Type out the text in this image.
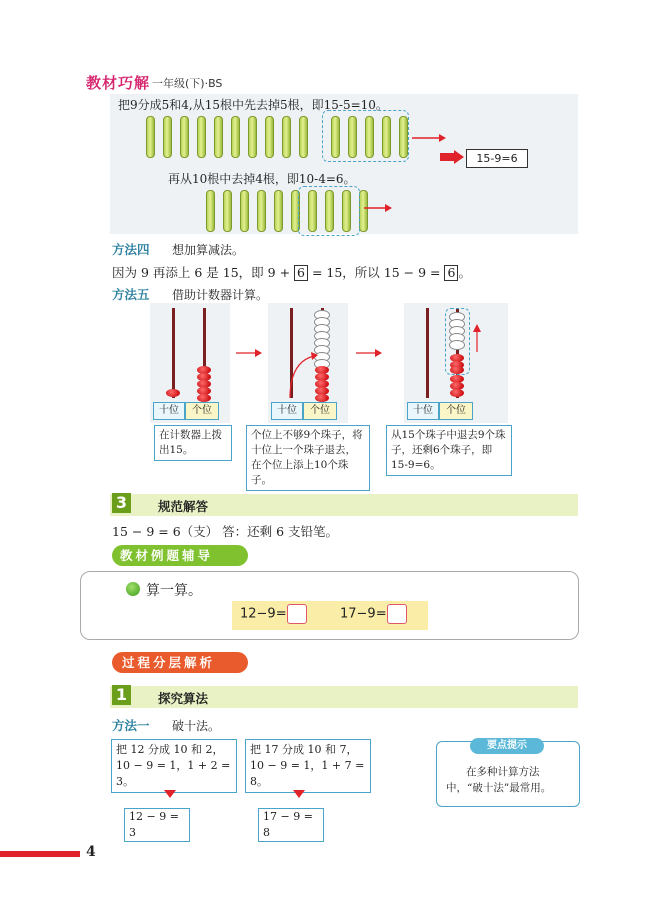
教材巧解 一年级(下)·BS
把9分成5和4,从15根中先去掉5根，即15-5=10。
15-9=6
再从10根中去掉4根，即10-4=6。
方法四 想加算减法。
因为 9 再添上 6 是 15，即 9 + 6 = 15，所以 15 − 9 = 6 。
方法五 借助计数器计算。
十位	个位	十位	个位	十位	个位
在计数器上拨出15。
个位上不够9个珠子，将十位上一个珠子退去，在个位上添上10个珠子。
从15个珠子中退去9个珠子，还剩6个珠子，即15-9=6。
3	规范解答
15 − 9 = 6（支） 答：还剩 6 支铅笔。
教材例题辅导
算一算。
12−9=	17−9=
过程分层解析
1	探究算法
方法一 破十法。
把 12 分成 10 和 2，
10 − 9 = 1，1 + 2 = 3。
12 − 9 = 3
把 17 分成 10 和 7，
10 − 9 = 1，1 + 7 = 8。
17 − 9 = 8
要点提示
在多种计算方法中，“破十法”最常用。
4
